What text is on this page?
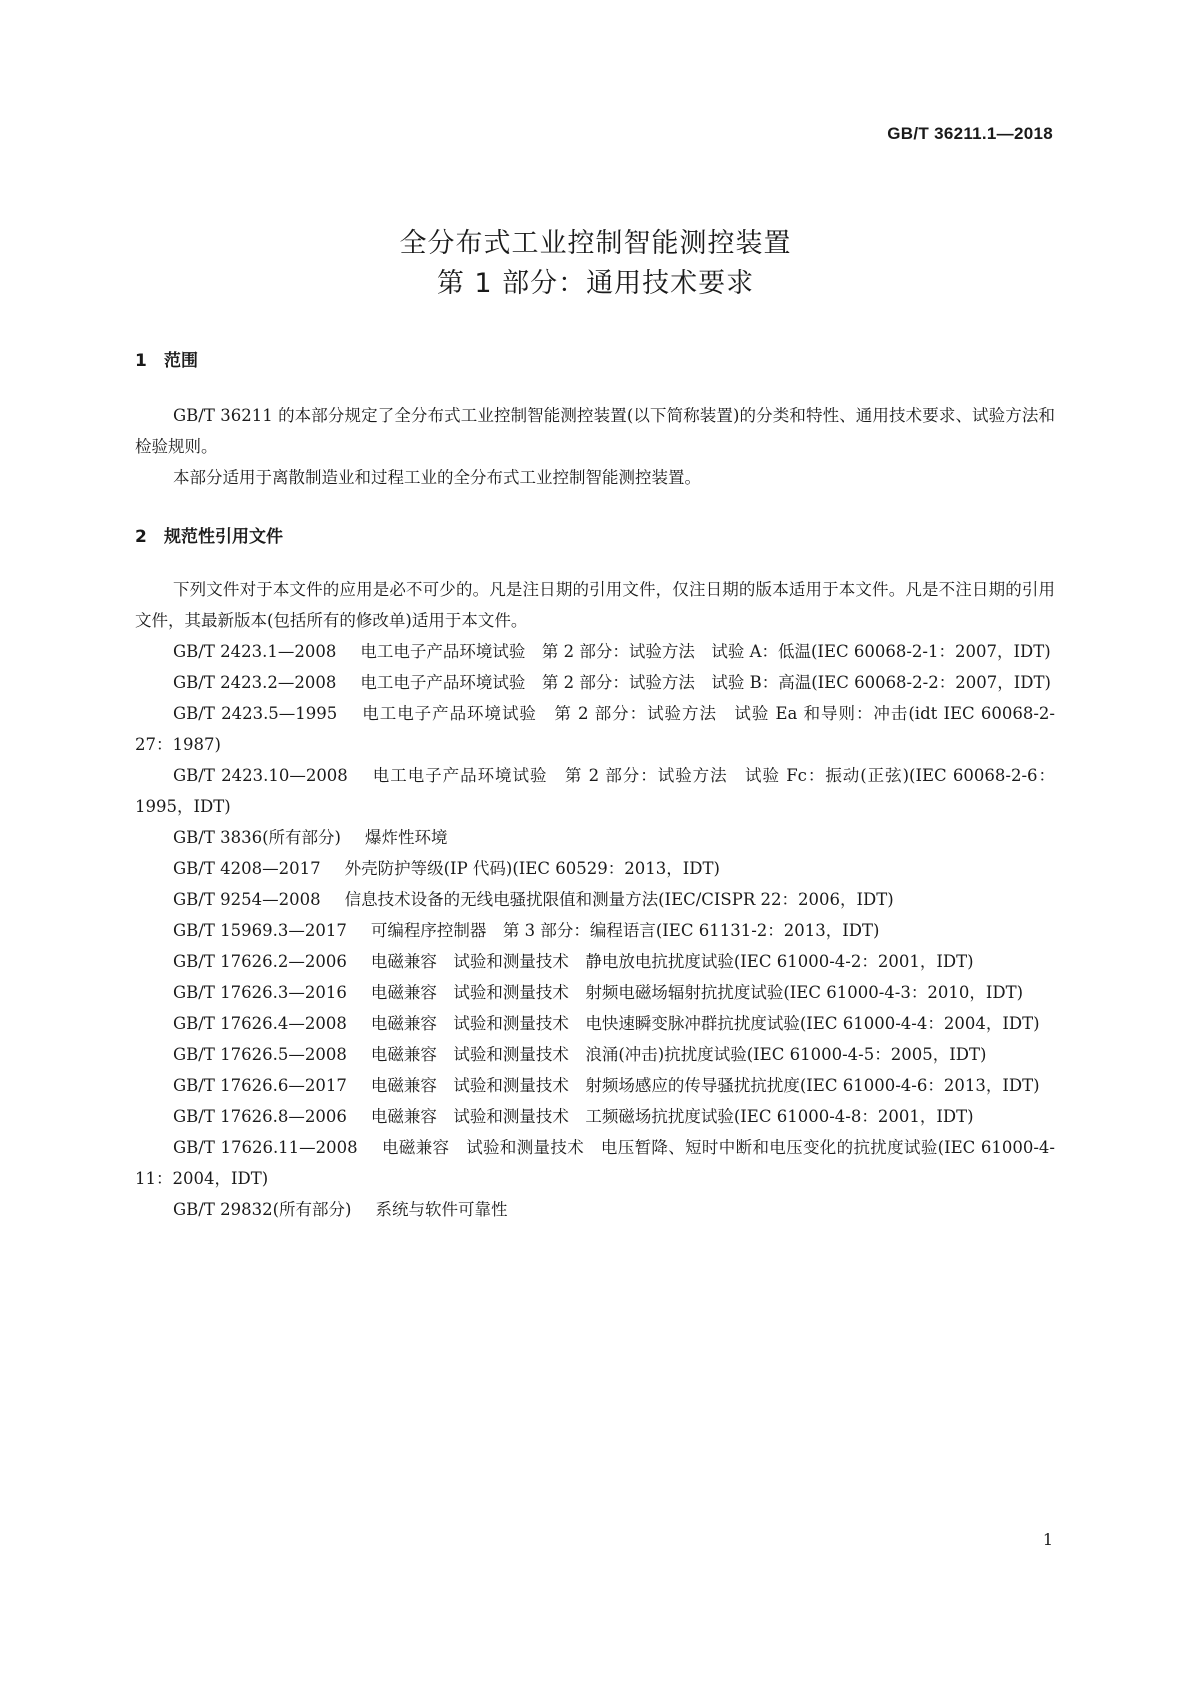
GB/T 36211.1—2018
全分布式工业控制智能测控装置
第 1 部分：通用技术要求
1 范围

GB/T 36211 的本部分规定了全分布式工业控制智能测控装置(以下简称装置)的分类和特性、通用技术要求、试验方法和检验规则。

本部分适用于离散制造业和过程工业的全分布式工业控制智能测控装置。

2 规范性引用文件

下列文件对于本文件的应用是必不可少的。凡是注日期的引用文件，仅注日期的版本适用于本文件。凡是不注日期的引用文件，其最新版本(包括所有的修改单)适用于本文件。

GB/T 2423.1—2008 电工电子产品环境试验　第 2 部分：试验方法　试验 A：低温(IEC 60068-2-1：2007，IDT)

GB/T 2423.2—2008 电工电子产品环境试验　第 2 部分：试验方法　试验 B：高温(IEC 60068-2-2：2007，IDT)

GB/T 2423.5—1995 电工电子产品环境试验　第 2 部分：试验方法　试验 Ea 和导则：冲击(idt IEC 60068-2-27：1987)

GB/T 2423.10—2008 电工电子产品环境试验　第 2 部分：试验方法　试验 Fc：振动(正弦)(IEC 60068-2-6：1995，IDT)

GB/T 3836(所有部分) 爆炸性环境

GB/T 4208—2017 外壳防护等级(IP 代码)(IEC 60529：2013，IDT)

GB/T 9254—2008 信息技术设备的无线电骚扰限值和测量方法(IEC/CISPR 22：2006，IDT)

GB/T 15969.3—2017 可编程序控制器　第 3 部分：编程语言(IEC 61131-2：2013，IDT)

GB/T 17626.2—2006 电磁兼容　试验和测量技术　静电放电抗扰度试验(IEC 61000-4-2：2001，IDT)

GB/T 17626.3—2016 电磁兼容　试验和测量技术　射频电磁场辐射抗扰度试验(IEC 61000-4-3：2010，IDT)

GB/T 17626.4—2008 电磁兼容　试验和测量技术　电快速瞬变脉冲群抗扰度试验(IEC 61000-4-4：2004，IDT)

GB/T 17626.5—2008 电磁兼容　试验和测量技术　浪涌(冲击)抗扰度试验(IEC 61000-4-5：2005，IDT)

GB/T 17626.6—2017 电磁兼容　试验和测量技术　射频场感应的传导骚扰抗扰度(IEC 61000-4-6：2013，IDT)

GB/T 17626.8—2006 电磁兼容　试验和测量技术　工频磁场抗扰度试验(IEC 61000-4-8：2001，IDT)

GB/T 17626.11—2008 电磁兼容　试验和测量技术　电压暂降、短时中断和电压变化的抗扰度试验(IEC 61000-4-11：2004，IDT)

GB/T 29832(所有部分) 系统与软件可靠性

1
